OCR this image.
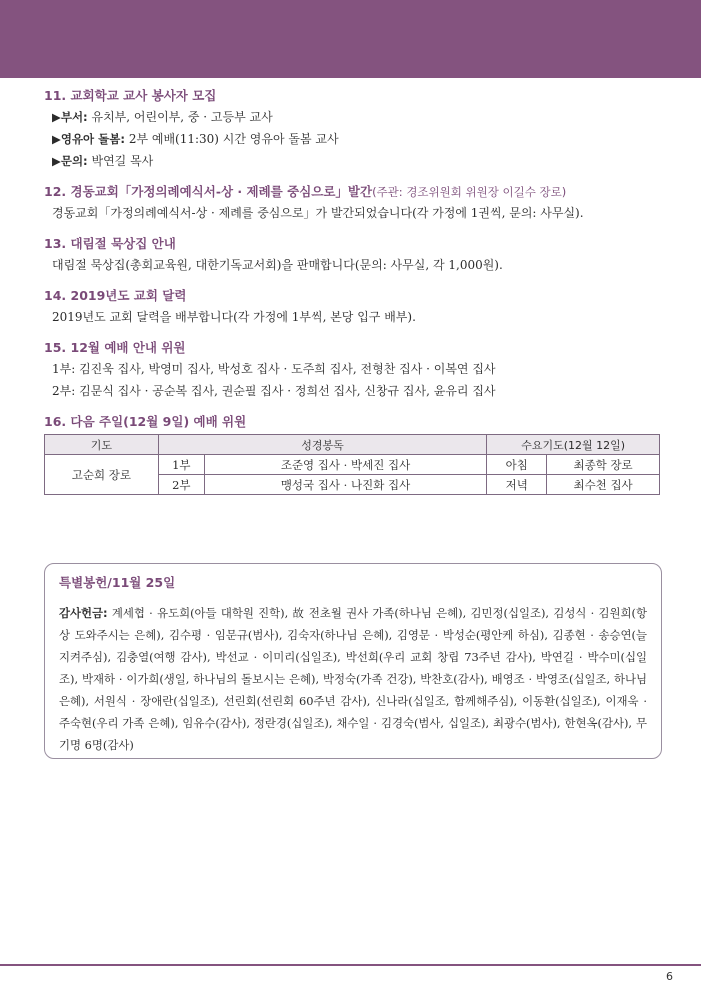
11. 교회학교 교사 봉사자 모집
▶부서: 유치부, 어린이부, 중 · 고등부 교사
▶영유아 돌봄: 2부 예배(11:30) 시간 영유아 돌봄 교사
▶문의: 박연길 목사
12. 경동교회「가정의례예식서-상 · 제례를 중심으로」발간(주관: 경조위원회 위원장 이길수 장로)
경동교회「가정의례예식서-상 · 제례를 중심으로」가 발간되었습니다(각 가정에 1권씩, 문의: 사무실).
13. 대림절 묵상집 안내
대림절 묵상집(총회교육원, 대한기독교서회)을 판매합니다(문의: 사무실, 각 1,000원).
14. 2019년도 교회 달력
2019년도 교회 달력을 배부합니다(각 가정에 1부씩, 본당 입구 배부).
15. 12월 예배 안내 위원
1부: 김진욱 집사, 박영미 집사, 박성호 집사 · 도주희 집사, 전형찬 집사 · 이복연 집사
2부: 김문식 집사 · 공순복 집사, 권순필 집사 · 정희선 집사, 신창규 집사, 윤유리 집사
16. 다음 주일(12월 9일) 예배 위원
기도	성경봉독		수요기도(12월 12일)	
고순희 장로	1부	조준영 집사 · 박세진 집사	아침	최종학 장로
	2부	맹성국 집사 · 나진화 집사	저녁	최수천 집사
특별봉헌/11월 25일
감사헌금: 계세협 · 유도희(아들 대학원 진학), 故 전초월 권사 가족(하나님 은혜), 김민정(십일조), 김성식 · 김원희(항상 도와주시는 은혜), 김수평 · 임문규(범사), 김숙자(하나님 은혜), 김영문 · 박성순(평안케 하심), 김종현 · 송승연(늘 지켜주심), 김충열(여행 감사), 박선교 · 이미리(십일조), 박선희(우리 교회 창립 73주년 감사), 박연길 · 박수미(십일조), 박재하 · 이가희(생일, 하나님의 돌보시는 은혜), 박정숙(가족 건강), 박찬호(감사), 배영조 · 박영조(십일조, 하나님 은혜), 서원식 · 장애란(십일조), 선린회(선린회 60주년 감사), 신나라(십일조, 함께해주심), 이동환(십일조), 이재욱 · 주숙현(우리 가족 은혜), 임유수(감사), 정란경(십일조), 채수일 · 김경숙(범사, 십일조), 최광수(범사), 한현옥(감사), 무기명 6명(감사)
6
